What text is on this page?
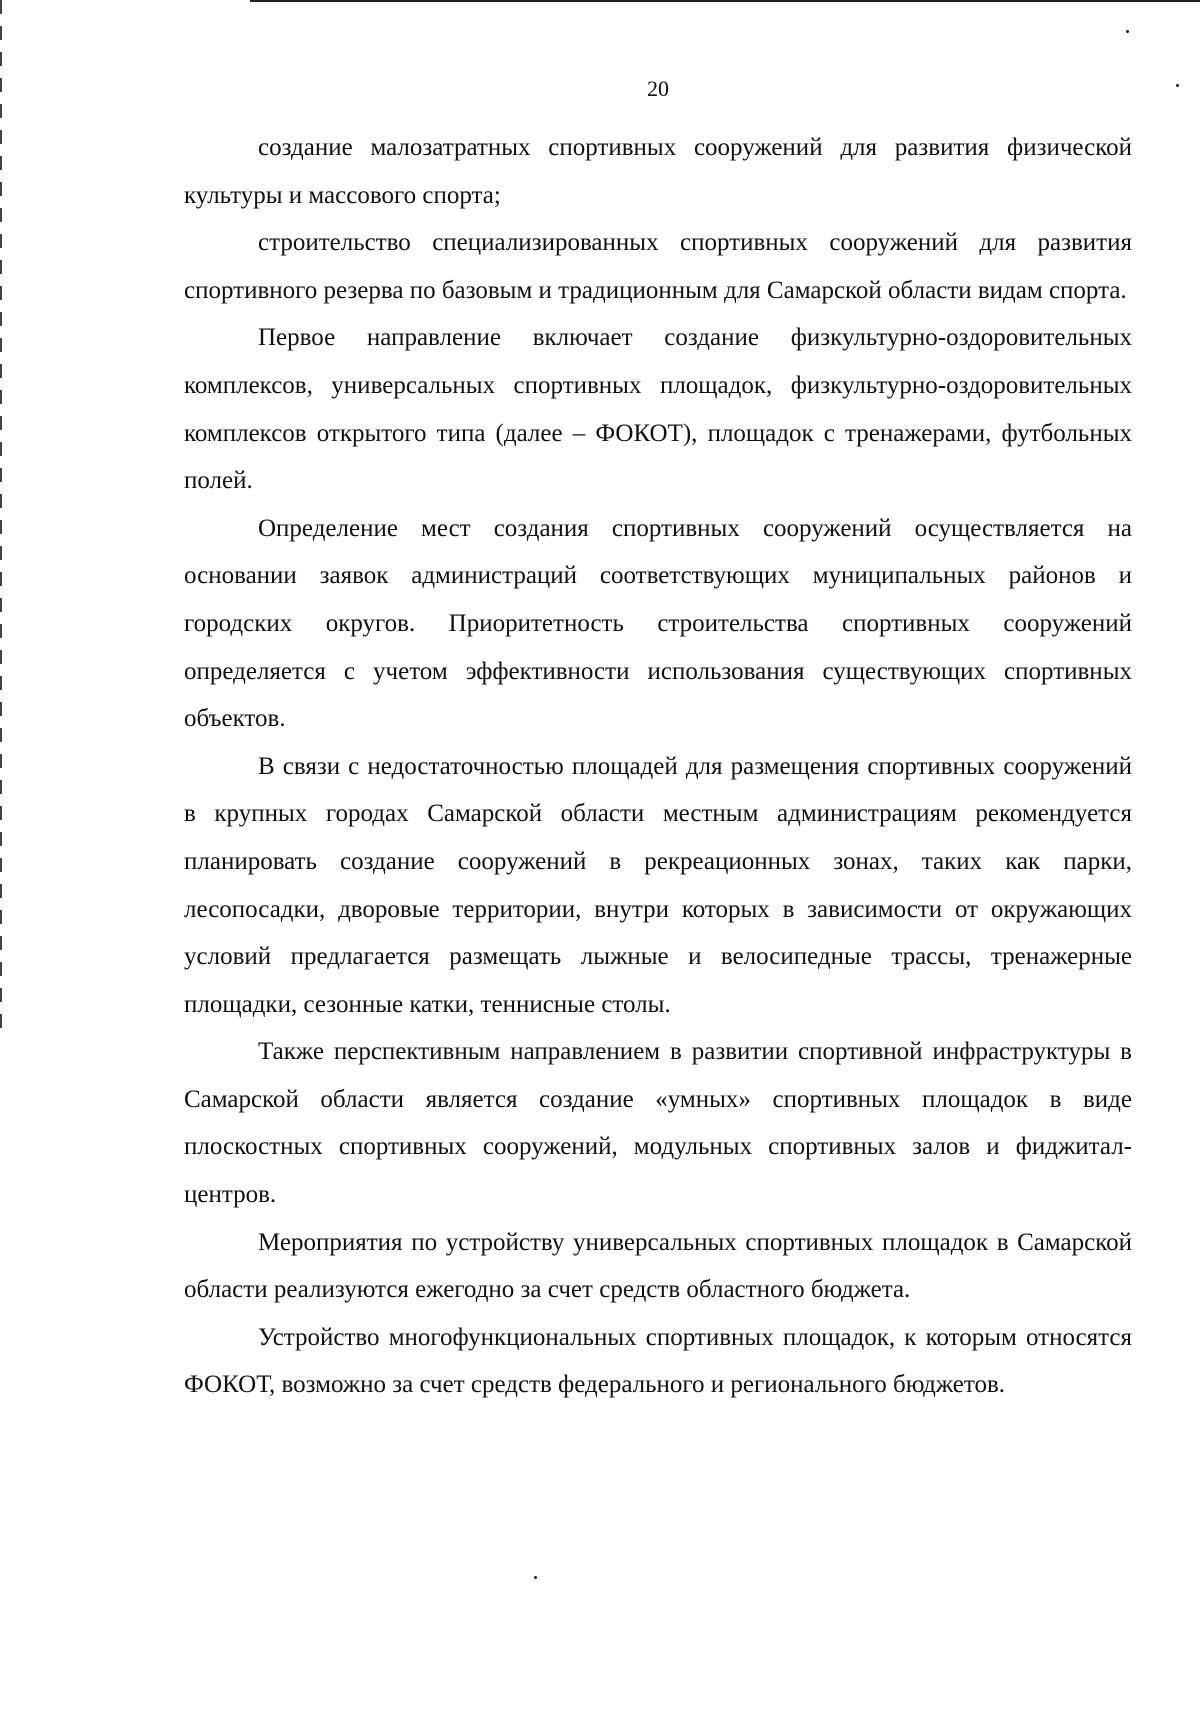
20

создание малозатратных спортивных сооружений для развития физической культуры и массового спорта;

строительство специализированных спортивных сооружений для развития спортивного резерва по базовым и традиционным для Самарской области видам спорта.

Первое направление включает создание физкультурно-оздоровительных комплексов, универсальных спортивных площадок, физкультурно-оздоровительных комплексов открытого типа (далее – ФОКОТ), площадок с тренажерами, футбольных полей.

Определение мест создания спортивных сооружений осуществляется на основании заявок администраций соответствующих муниципальных районов и городских округов. Приоритетность строительства спортивных сооружений определяется с учетом эффективности использования существующих спортивных объектов.

В связи с недостаточностью площадей для размещения спортивных сооружений в крупных городах Самарской области местным администрациям рекомендуется планировать создание сооружений в рекреационных зонах, таких как парки, лесопосадки, дворовые территории, внутри которых в зависимости от окружающих условий предлагается размещать лыжные и велосипедные трассы, тренажерные площадки, сезонные катки, теннисные столы.

Также перспективным направлением в развитии спортивной инфраструктуры в Самарской области является создание «умных» спортивных площадок в виде плоскостных спортивных сооружений, модульных спортивных залов и фиджитал-центров.

Мероприятия по устройству универсальных спортивных площадок в Самарской области реализуются ежегодно за счет средств областного бюджета.

Устройство многофункциональных спортивных площадок, к которым относятся ФОКОТ, возможно за счет средств федерального и регионального бюджетов.
